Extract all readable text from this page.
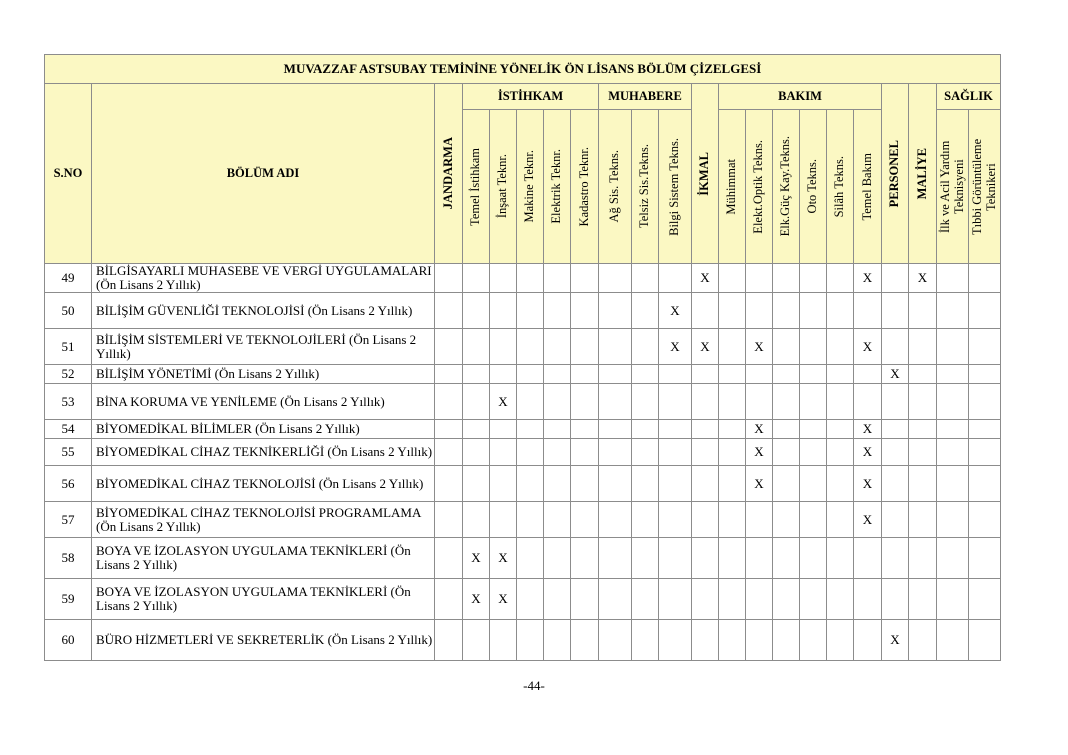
MUVAZZAF ASTSUBAY TEMİNİNE YÖNELİK ÖN LİSANS BÖLÜM ÇİZELGESİ																					
S.NO	BÖLÜM ADI	JANDARMA	İSTİHKAM					MUHABERE			İKMAL	BAKIM						PERSONEL	MALİYE	SAĞLIK	

			Temel İstihkam	İnşaat Teknr.	Makine Teknr.	Elektrik Teknr.	Kadastro Teknr.	Ağ Sis. Tekns.	Telsiz Sis.Tekns.	Bilgi Sistem Tekns.		Mühimmat	Elekt.Optik Tekns.	Elk.Güç Kay.Tekns.	Oto Tekns.	Silâh Tekns.	Temel Bakım			İlk ve Acil Yardım Teknisyeni	Tıbbi Görüntüleme Teknikeri

49	BİLGİSAYARLI MUHASEBE VE VERGİ UYGULAMALARI (Ön Lisans 2 Yıllık)										X						X		X		
50	BİLİŞİM GÜVENLİĞİ TEKNOLOJİSİ (Ön Lisans 2 Yıllık)									X											
51	BİLİŞİM SİSTEMLERİ VE TEKNOLOJİLERİ (Ön Lisans 2 Yıllık)									X	X		X				X				
52	BİLİŞİM YÖNETİMİ (Ön Lisans 2 Yıllık)																	X			
53	BİNA KORUMA VE YENİLEME (Ön Lisans 2 Yıllık)			X																	
54	BİYOMEDİKAL BİLİMLER (Ön Lisans 2 Yıllık)												X				X				
55	BİYOMEDİKAL CİHAZ TEKNİKERLİĞİ (Ön Lisans 2 Yıllık)												X				X				
56	BİYOMEDİKAL CİHAZ TEKNOLOJİSİ (Ön Lisans 2 Yıllık)												X				X				
57	BİYOMEDİKAL CİHAZ TEKNOLOJİSİ PROGRAMLAMA (Ön Lisans 2 Yıllık)																X				
58	BOYA VE İZOLASYON UYGULAMA TEKNİKLERİ (Ön Lisans 2 Yıllık)		X	X																	
59	BOYA VE İZOLASYON UYGULAMA TEKNİKLERİ (Ön Lisans 2 Yıllık)		X	X																	
60	BÜRO HİZMETLERİ VE SEKRETERLİK (Ön Lisans 2 Yıllık)																	X			
-44-
